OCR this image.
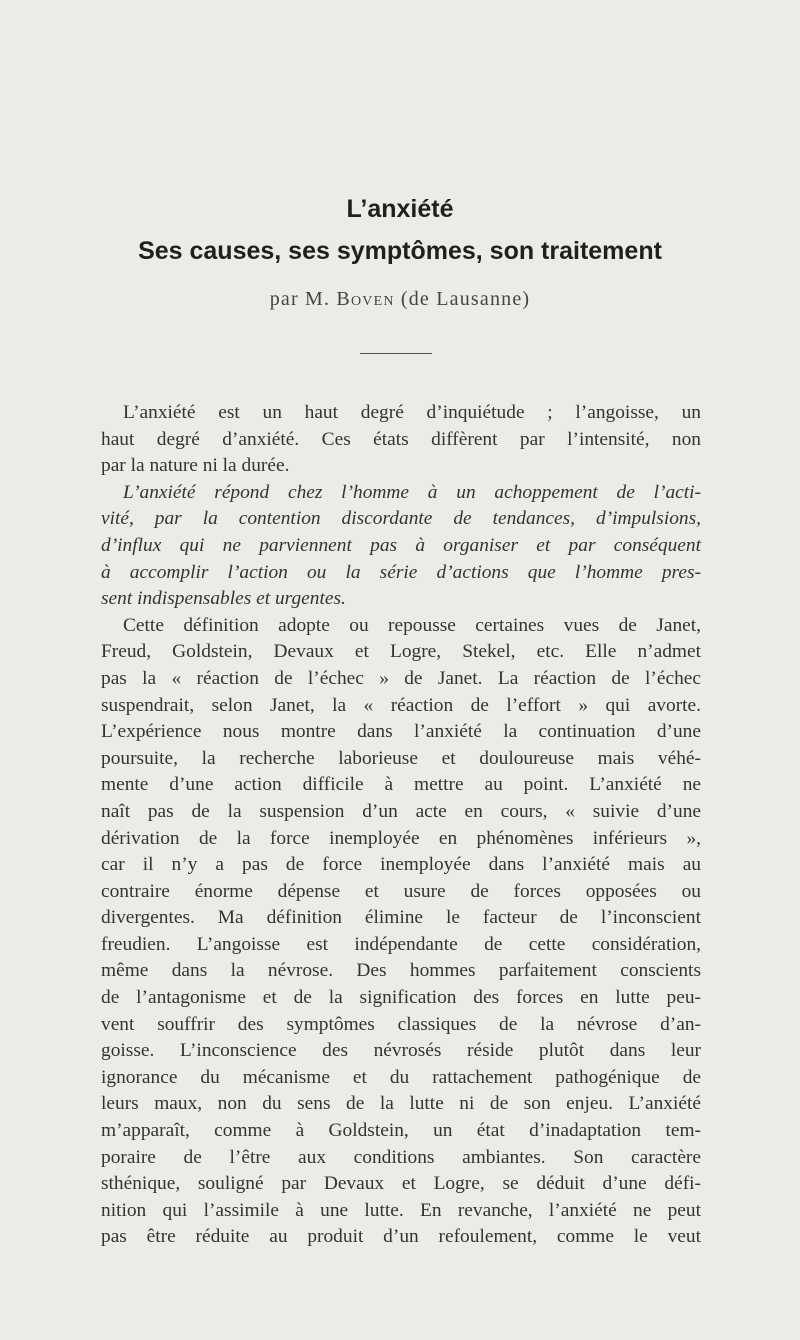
L’anxiété
Ses causes, ses symptômes, son traitement
par M. Boven (de Lausanne)
L’anxiété est un haut degré d’inquiétude ; l’angoisse, un
haut degré d’anxiété. Ces états diffèrent par l’intensité, non
par la nature ni la durée.
L’anxiété répond chez l’homme à un achoppement de l’acti-
vité, par la contention discordante de tendances, d’impulsions,
d’influx qui ne parviennent pas à organiser et par conséquent
à accomplir l’action ou la série d’actions que l’homme pres-
sent indispensables et urgentes.
Cette définition adopte ou repousse certaines vues de Janet,
Freud, Goldstein, Devaux et Logre, Stekel, etc. Elle n’admet
pas la « réaction de l’échec » de Janet. La réaction de l’échec
suspendrait, selon Janet, la « réaction de l’effort » qui avorte.
L’expérience nous montre dans l’anxiété la continuation d’une
poursuite, la recherche laborieuse et douloureuse mais véhé-
mente d’une action difficile à mettre au point. L’anxiété ne
naît pas de la suspension d’un acte en cours, « suivie d’une
dérivation de la force inemployée en phénomènes inférieurs »,
car il n’y a pas de force inemployée dans l’anxiété mais au
contraire énorme dépense et usure de forces opposées ou
divergentes. Ma définition élimine le facteur de l’inconscient
freudien. L’angoisse est indépendante de cette considération,
même dans la névrose. Des hommes parfaitement conscients
de l’antagonisme et de la signification des forces en lutte peu-
vent souffrir des symptômes classiques de la névrose d’an-
goisse. L’inconscience des névrosés réside plutôt dans leur
ignorance du mécanisme et du rattachement pathogénique de
leurs maux, non du sens de la lutte ni de son enjeu. L’anxiété
m’apparaît, comme à Goldstein, un état d’inadaptation tem-
poraire de l’être aux conditions ambiantes. Son caractère
sthénique, souligné par Devaux et Logre, se déduit d’une défi-
nition qui l’assimile à une lutte. En revanche, l’anxiété ne peut
pas être réduite au produit d’un refoulement, comme le veut
